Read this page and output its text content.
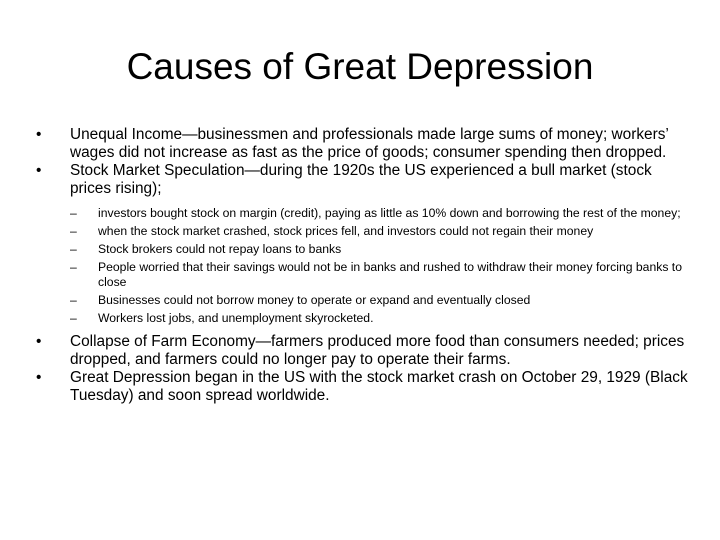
Causes of Great Depression
•	Unequal Income—businessmen and professionals made large sums of money; workers’ wages did not increase as fast as the price of goods; consumer spending then dropped.
•	Stock Market Speculation—during the 1920s the US experienced a bull market (stock prices rising);
– investors bought stock on margin (credit), paying as little as 10% down and borrowing the rest of the money;
– when the stock market crashed, stock prices fell, and investors could not regain their money
– Stock brokers could not repay loans to banks
– People worried that their savings would not be in banks and rushed to withdraw their money forcing banks to close
– Businesses could not borrow money to operate or expand and eventually closed
– Workers lost jobs, and unemployment skyrocketed.
•	Collapse of Farm Economy—farmers produced more food than consumers needed; prices dropped, and farmers could no longer pay to operate their farms.
•	Great Depression began in the US with the stock market crash on October 29, 1929 (Black Tuesday) and soon spread worldwide.
